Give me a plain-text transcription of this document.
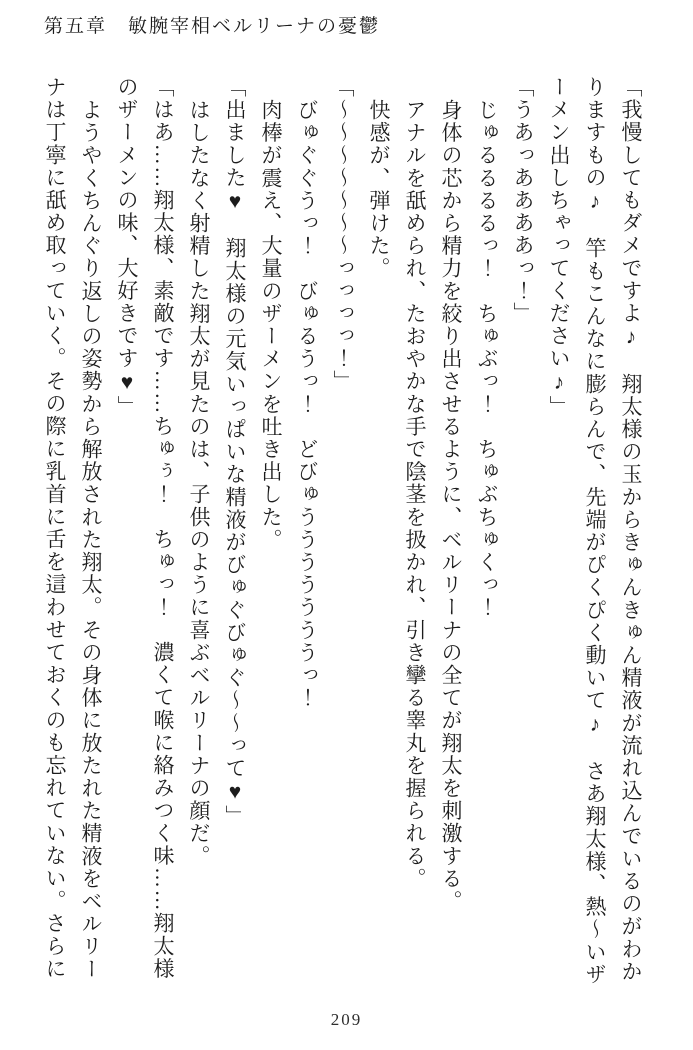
第五章　敏腕宰相ベルリーナの憂鬱

「我慢してもダメですよ♪　翔太様の玉からきゅんきゅん精液が流れ込んでいるのがわか

りますもの♪　竿もこんなに膨らんで、先端がぴくぴく動いて♪　さあ翔太様、熱～いザ

ーメン出しちゃってください♪」

「うあっああああっ！」

じゅるるるるっ！　ちゅぶっ！　ちゅぶちゅくっ！

身体の芯から精力を絞り出させるように、ベルリーナの全てが翔太を刺激する。

アナルを舐められ、たおやかな手で陰茎を扱かれ、引き攣る睾丸を握られる。

快感が、弾けた。

「～～～～～～～っっっっ！」

びゅぐぐうっ！　びゅるうっ！　どびゅうううううううっ！

肉棒が震え、大量のザーメンを吐き出した。

「出ました♥　翔太様の元気いっぱいな精液がびゅぐびゅぐ～～って♥」

はしたなく射精した翔太が見たのは、子供のように喜ぶベルリーナの顔だ。

「はあ……翔太様、素敵です……ちゅぅ！　ちゅっ！　濃くて喉に絡みつく味……翔太様

のザーメンの味、大好きです♥」

ようやくちんぐり返しの姿勢から解放された翔太。その身体に放たれた精液をベルリー

ナは丁寧に舐め取っていく。その際に乳首に舌を這わせておくのも忘れていない。さらに

209
